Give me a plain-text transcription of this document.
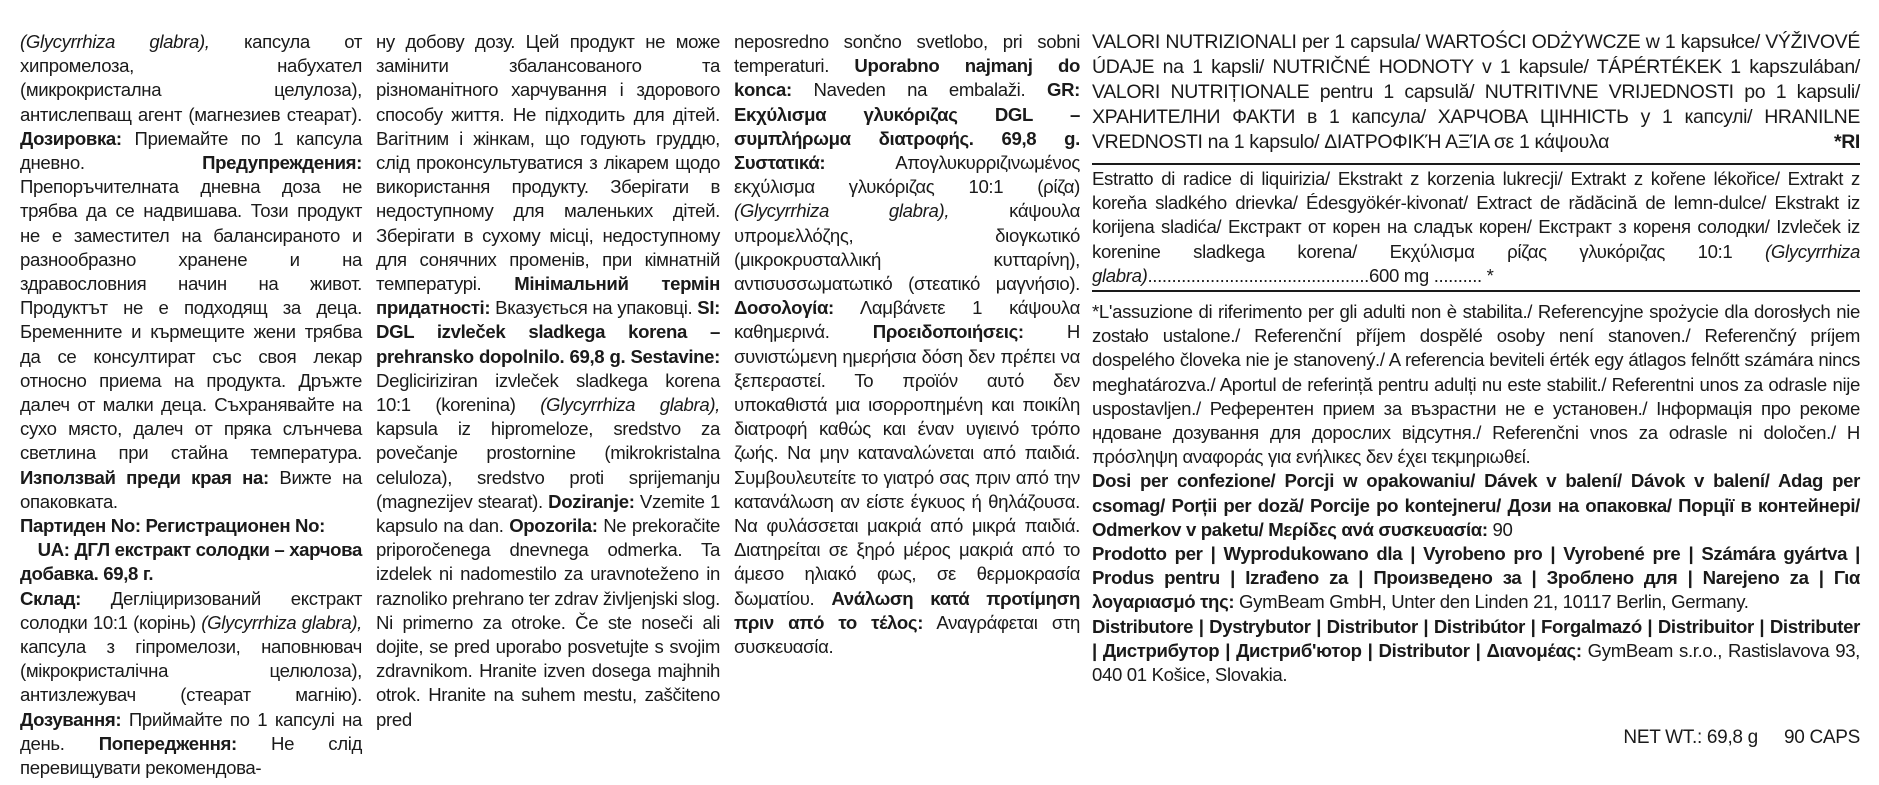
(Glycyrrhiza glabra), капсула от хипромелоза, набухател (микрокристална целулоза), антислепващ агент (магнезиев стеарат). Дозировка: Приемайте по 1 капсула дневно. Предупреждения: Препоръчителната дневна доза не трябва да се надвишава. Този продукт не е заместител на балансираното и разнообразно хранене и на здравословния начин на живот. Продуктът не е подходящ за деца. Бременните и кърмещите жени трябва да се консултират със своя лекар относно приема на продукта. Дръжте далеч от малки деца. Съхранявайте на сухо място, далеч от пряка слънчева светлина при стайна температура. Използвай преди края на: Вижте на опаковката.

Партиден No: Регистрационен No:

UA: ДГЛ екстракт солодки – харчова добавка. 69,8 г.

Склад: Дегліциризований екстракт солодки 10:1 (корінь) (Glycyrrhiza glabra), капсула з гіпромелози, наповнювач (мікрокристалічна целюлоза), антизлежувач (стеарат магнію). Дозування: Приймайте по 1 капсулі на день. Попередження: Не слід перевищувати рекомендова-

ну добову дозу. Цей продукт не може замінити збалансованого та різноманітного харчування і здорового способу життя. Не підходить для дітей. Вагітним і жінкам, що годують груддю, слід проконсультуватися з лікарем щодо використання продукту. Зберігати в недоступному для маленьких дітей. Зберігати в сухому місці, недоступному для сонячних променів, при кімнатній температурі. Мінімальний термін придатності: Вказується на упаковці. SI: DGL izvleček sladkega korena – prehransko dopolnilo. 69,8 g. Sestavine: Degliciriziran izvleček sladkega korena 10:1 (korenina) (Glycyrrhiza glabra), kapsula iz hipromeloze, sredstvo za povečanje prostornine (mikrokristalna celuloza), sredstvo proti sprijemanju (magnezijev stearat). Doziranje: Vzemite 1 kapsulo na dan. Opozorila: Ne prekoračite priporočenega dnevnega odmerka. Ta izdelek ni nadomestilo za uravnoteženo in raznoliko prehrano ter zdrav življenjski slog. Ni primerno za otroke. Če ste noseči ali dojite, se pred uporabo posvetujte s svojim zdravnikom. Hranite izven dosega majhnih otrok. Hranite na suhem mestu, zaščiteno pred

neposredno sončno svetlobo, pri sobni temperaturi. Uporabno najmanj do konca: Naveden na embalaži. GR: Εκχύλισμα γλυκόριζας DGL – συμπλήρωμα διατροφής. 69,8 g. Συστατικά: Απογλυκυρριζινωμένος εκχύλισμα γλυκόριζας 10:1 (ρίζα) (Glycyrrhiza glabra), κάψουλα υπρομελλόζης, διογκωτικό (μικροκρυσταλλική κυτταρίνη), αντισυσσωματωτικό (στεατικό μαγνήσιο). Δοσολογία: Λαμβάνετε 1 κάψουλα καθημερινά. Προειδοποιήσεις: Η συνιστώμενη ημερήσια δόση δεν πρέπει να ξεπεραστεί. Το προϊόν αυτό δεν υποκαθιστά μια ισορροπημένη και ποικίλη διατροφή καθώς και έναν υγιεινό τρόπο ζωής. Να μην καταναλώνεται από παιδιά. Συμβουλευτείτε το γιατρό σας πριν από την κατανάλωση αν είστε έγκυος ή θηλάζουσα. Να φυλάσσεται μακριά από μικρά παιδιά. Διατηρείται σε ξηρό μέρος μακριά από το άμεσο ηλιακό φως, σε θερμοκρασία δωματίου. Ανάλωση κατά προτίμηση πριν από το τέλος: Αναγράφεται στη συσκευασία.

VALORI NUTRIZIONALI per 1 capsula/ WARTOŚCI ODŻYWCZE w 1 kapsułce/ VÝŽIVOVÉ ÚDAJE na 1 kapsli/ NUTRIČNÉ HODNOTY v 1 kapsule/ TÁPÉRTÉKEK 1 kapszulában/ VALORI NUTRIȚIONALE pentru 1 capsulă/ NUTRITIVNE VRIJEDNOSTI po 1 kapsuli/ ХРАНИТЕЛНИ ФАКТИ в 1 капсула/ ХАРЧОВА ЦІННІСТЬ у 1 капсулі/ HRANILNE VREDNOSTI na 1 kapsulo/ ΔΙΑΤΡΟΦΙΚΉ ΑΞΊΑ σε 1 κάψουλα	*RI

Estratto di radice di liquirizia/ Ekstrakt z korzenia lukrecji/ Extrakt z kořene lékořice/ Extrakt z koreňa sladkého drievka/ Édesgyökér-kivonat/ Extract de rădăcină de lemn-dulce/ Ekstrakt iz korijena sladića/ Екстракт от корен на сладък корен/ Екстракт з кореня солодки/ Izvleček iz korenine sladkega korena/ Εκχύλισμα ρίζας γλυκόριζας 10:1 (Glycyrrhiza glabra)..............................................600 mg .......... *

*L'assuzione di riferimento per gli adulti non è stabilita./ Referencyjne spożycie dla dorosłych nie zostało ustalone./ Referenční příjem dospělé osoby není stanoven./ Referenčný príjem dospelého človeka nie je stanovený./ A referencia beviteli érték egy átlagos felnőtt számára nincs meghatározva./ Aportul de referință pentru adulți nu este stabilit./ Referentni unos za odrasle nije uspostavljen./ Референтен прием за възрастни не е установен./ Інформація про рекоме ндоване дозування для дорослих відсутня./ Referenčni vnos za odrasle ni določen./ Η πρόσληψη αναφοράς για ενήλικες δεν έχει τεκμηριωθεί.

Dosi per confezione/ Porcji w opakowaniu/ Dávek v balení/ Dávok v balení/ Adag per csomag/ Porții per doză/ Porcije po kontejneru/ Дози на опаковка/ Порції в контейнері/ Odmerkov v paketu/ Μερίδες ανά συσκευασία: 90

Prodotto per | Wyprodukowano dla | Vyrobeno pro | Vyrobené pre | Számára gyártva | Produs pentru | Izrađeno za | Произведено за | Зроблено для | Narejeno za | Για λογαριασμό της: GymBeam GmbH, Unter den Linden 21, 10117 Berlin, Germany.

Distributore | Dystrybutor | Distributor | Distribútor | Forgalmazó | Distribuitor | Distributer | Дистрибутор | Дистриб'ютор | Distributor | Διανομέας: GymBeam s.r.o., Rastislavova 93, 040 01 Košice, Slovakia.

NET WT.: 69,8 g 90 CAPS
